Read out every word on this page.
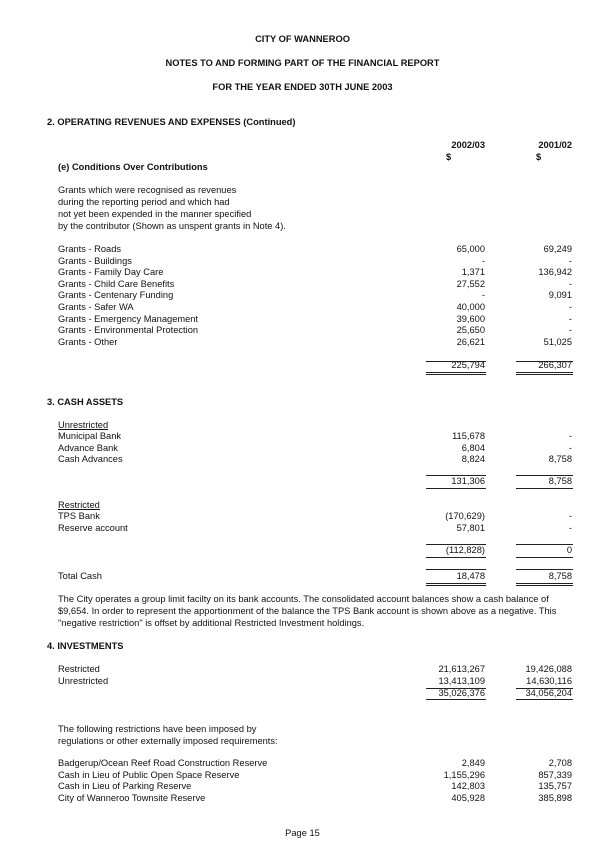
CITY OF WANNEROO
NOTES TO AND FORMING PART OF THE FINANCIAL REPORT
FOR THE YEAR ENDED 30TH JUNE 2003
2. OPERATING REVENUES AND EXPENSES (Continued)
2002/03	2001/02
$	$
(e) Conditions Over Contributions
Grants which were recognised as revenues
during the reporting period and which had
not yet been expended in the manner specified
by the contributor (Shown as unspent grants in Note 4).
Grants - Roads	65,000	69,249
Grants - Buildings	-	-
Grants - Family Day Care	1,371	136,942
Grants - Child Care Benefits	27,552	-
Grants - Centenary Funding	-	9,091
Grants - Safer WA	40,000	-
Grants - Emergency Management	39,600	-
Grants - Environmental Protection	25,650	-
Grants - Other	26,621	51,025
225,794	266,307
3. CASH ASSETS
Unrestricted
Municipal Bank	115,678	-
Advance Bank	6,804	-
Cash Advances	8,824	8,758
131,306	8,758
Restricted
TPS Bank	(170,629)	-
Reserve account	57,801	-
(112,828)	0
Total Cash	18,478	8,758
The City operates a group limit facilty on its bank accounts. The consolidated account balances show a cash balance of
$9,654. In order to represent the apportionment of the balance the TPS Bank account is shown above as a negative. This
"negative restriction" is offset by additional Restricted Investment holdings.
4. INVESTMENTS
Restricted	21,613,267	19,426,088
Unrestricted	13,413,109	14,630,116
35,026,376	34,056,204
The following restrictions have been imposed by
regulations or other externally imposed requirements:
Badgerup/Ocean Reef Road Construction Reserve	2,849	2,708
Cash in Lieu of Public Open Space Reserve	1,155,296	857,339
Cash in Lieu of Parking Reserve	142,803	135,757
City of Wanneroo Townsite Reserve	405,928	385,898
Page 15
